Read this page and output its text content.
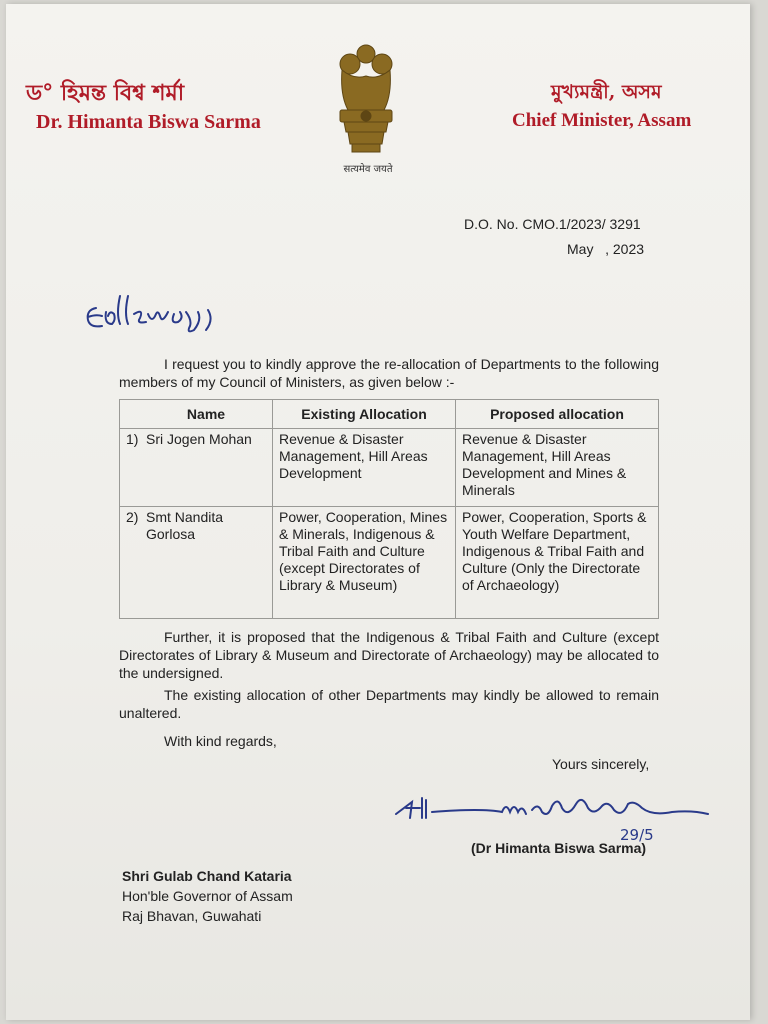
ড° হিমন্ত বিশ্ব শৰ্মা
Dr. Himanta Biswa Sarma
सत्यमेव जयते
মুখ্যমন্ত্ৰী, অসম
Chief Minister, Assam
D.O. No. CMO.1/2023/ 3291
May   , 2023
I request you to kindly approve the re-allocation of Departments to the following members of my Council of Ministers, as given below :-
	Name	Existing Allocation	Proposed allocation
1)	Sri Jogen Mohan	Revenue & Disaster Management, Hill Areas Development	Revenue & Disaster Management, Hill Areas Development and Mines & Minerals
2)	Smt Nandita Gorlosa	Power, Cooperation, Mines & Minerals, Indigenous & Tribal Faith and Culture (except Directorates of Library & Museum)	Power, Cooperation, Sports & Youth Welfare Department, Indigenous & Tribal Faith and Culture (Only the Directorate of Archaeology)
Further, it is proposed that the Indigenous & Tribal Faith and Culture (except Directorates of Library & Museum and Directorate of Archaeology) may be allocated to the undersigned.
The existing allocation of other Departments may kindly be allowed to remain unaltered.
With kind regards,
Yours sincerely,
29/5
(Dr Himanta Biswa Sarma)
Shri Gulab Chand Kataria
Hon'ble Governor of Assam
Raj Bhavan, Guwahati
